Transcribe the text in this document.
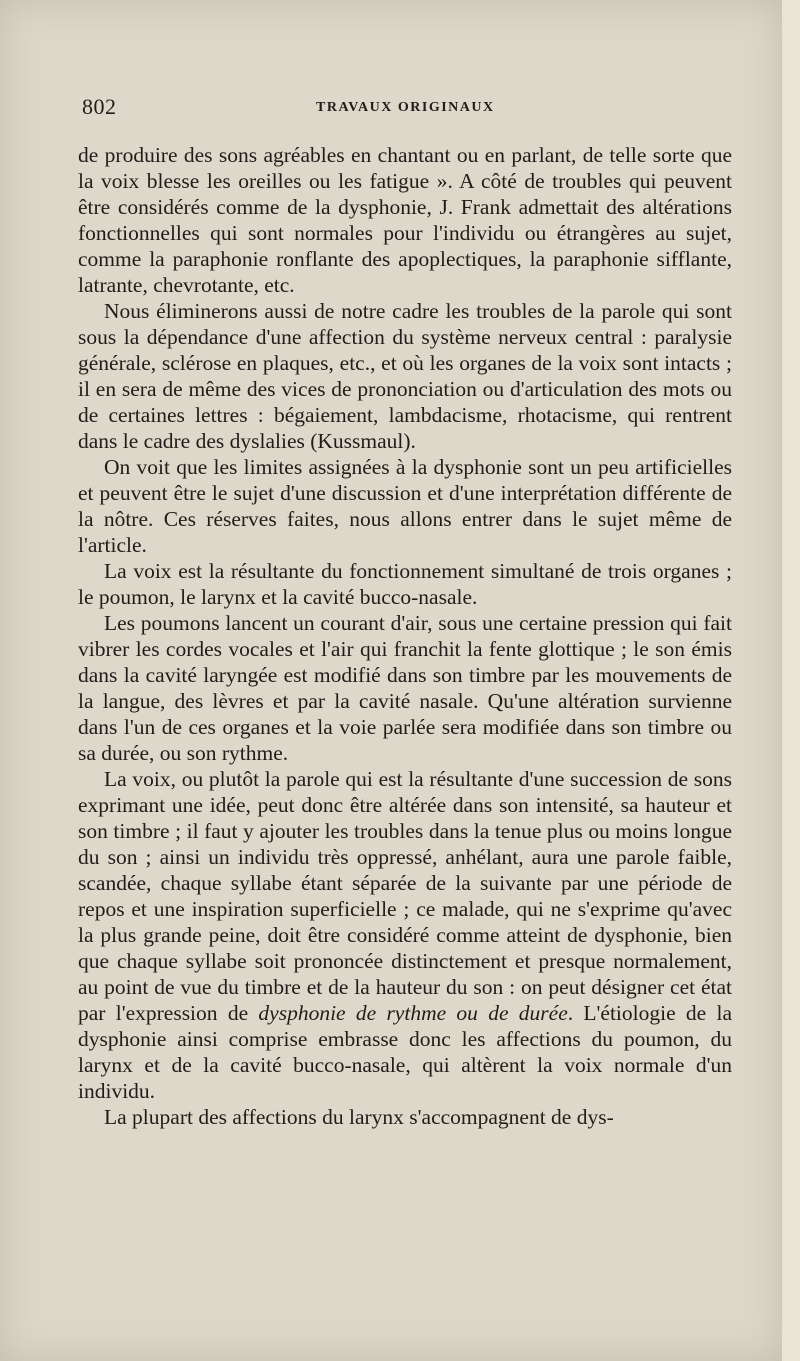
802	TRAVAUX ORIGINAUX

de produire des sons agréables en chantant ou en parlant, de telle sorte que la voix blesse les oreilles ou les fatigue ». A côté de troubles qui peuvent être considérés comme de la dysphonie, J. Frank admettait des altérations fonctionnelles qui sont normales pour l'individu ou étrangères au sujet, comme la paraphonie ronflante des apoplectiques, la paraphonie sifflante, latrante, chevrotante, etc.

Nous éliminerons aussi de notre cadre les troubles de la parole qui sont sous la dépendance d'une affection du système nerveux central : paralysie générale, sclérose en plaques, etc., et où les organes de la voix sont intacts ; il en sera de même des vices de prononciation ou d'articulation des mots ou de certaines lettres : bégaiement, lambdacisme, rhotacisme, qui rentrent dans le cadre des dyslalies (Kussmaul).

On voit que les limites assignées à la dysphonie sont un peu artificielles et peuvent être le sujet d'une discussion et d'une interprétation différente de la nôtre. Ces réserves faites, nous allons entrer dans le sujet même de l'article.

La voix est la résultante du fonctionnement simultané de trois organes ; le poumon, le larynx et la cavité bucco-nasale.

Les poumons lancent un courant d'air, sous une certaine pression qui fait vibrer les cordes vocales et l'air qui franchit la fente glottique ; le son émis dans la cavité laryngée est modifié dans son timbre par les mouvements de la langue, des lèvres et par la cavité nasale. Qu'une altération survienne dans l'un de ces organes et la voie parlée sera modifiée dans son timbre ou sa durée, ou son rythme.

La voix, ou plutôt la parole qui est la résultante d'une succession de sons exprimant une idée, peut donc être altérée dans son intensité, sa hauteur et son timbre ; il faut y ajouter les troubles dans la tenue plus ou moins longue du son ; ainsi un individu très oppressé, anhélant, aura une parole faible, scandée, chaque syllabe étant séparée de la suivante par une période de repos et une inspiration superficielle ; ce malade, qui ne s'exprime qu'avec la plus grande peine, doit être considéré comme atteint de dysphonie, bien que chaque syllabe soit prononcée distinctement et presque normalement, au point de vue du timbre et de la hauteur du son : on peut désigner cet état par l'expression de dysphonie de rythme ou de durée. L'étiologie de la dysphonie ainsi comprise embrasse donc les affections du poumon, du larynx et de la cavité bucco-nasale, qui altèrent la voix normale d'un individu.

La plupart des affections du larynx s'accompagnent de dys-
